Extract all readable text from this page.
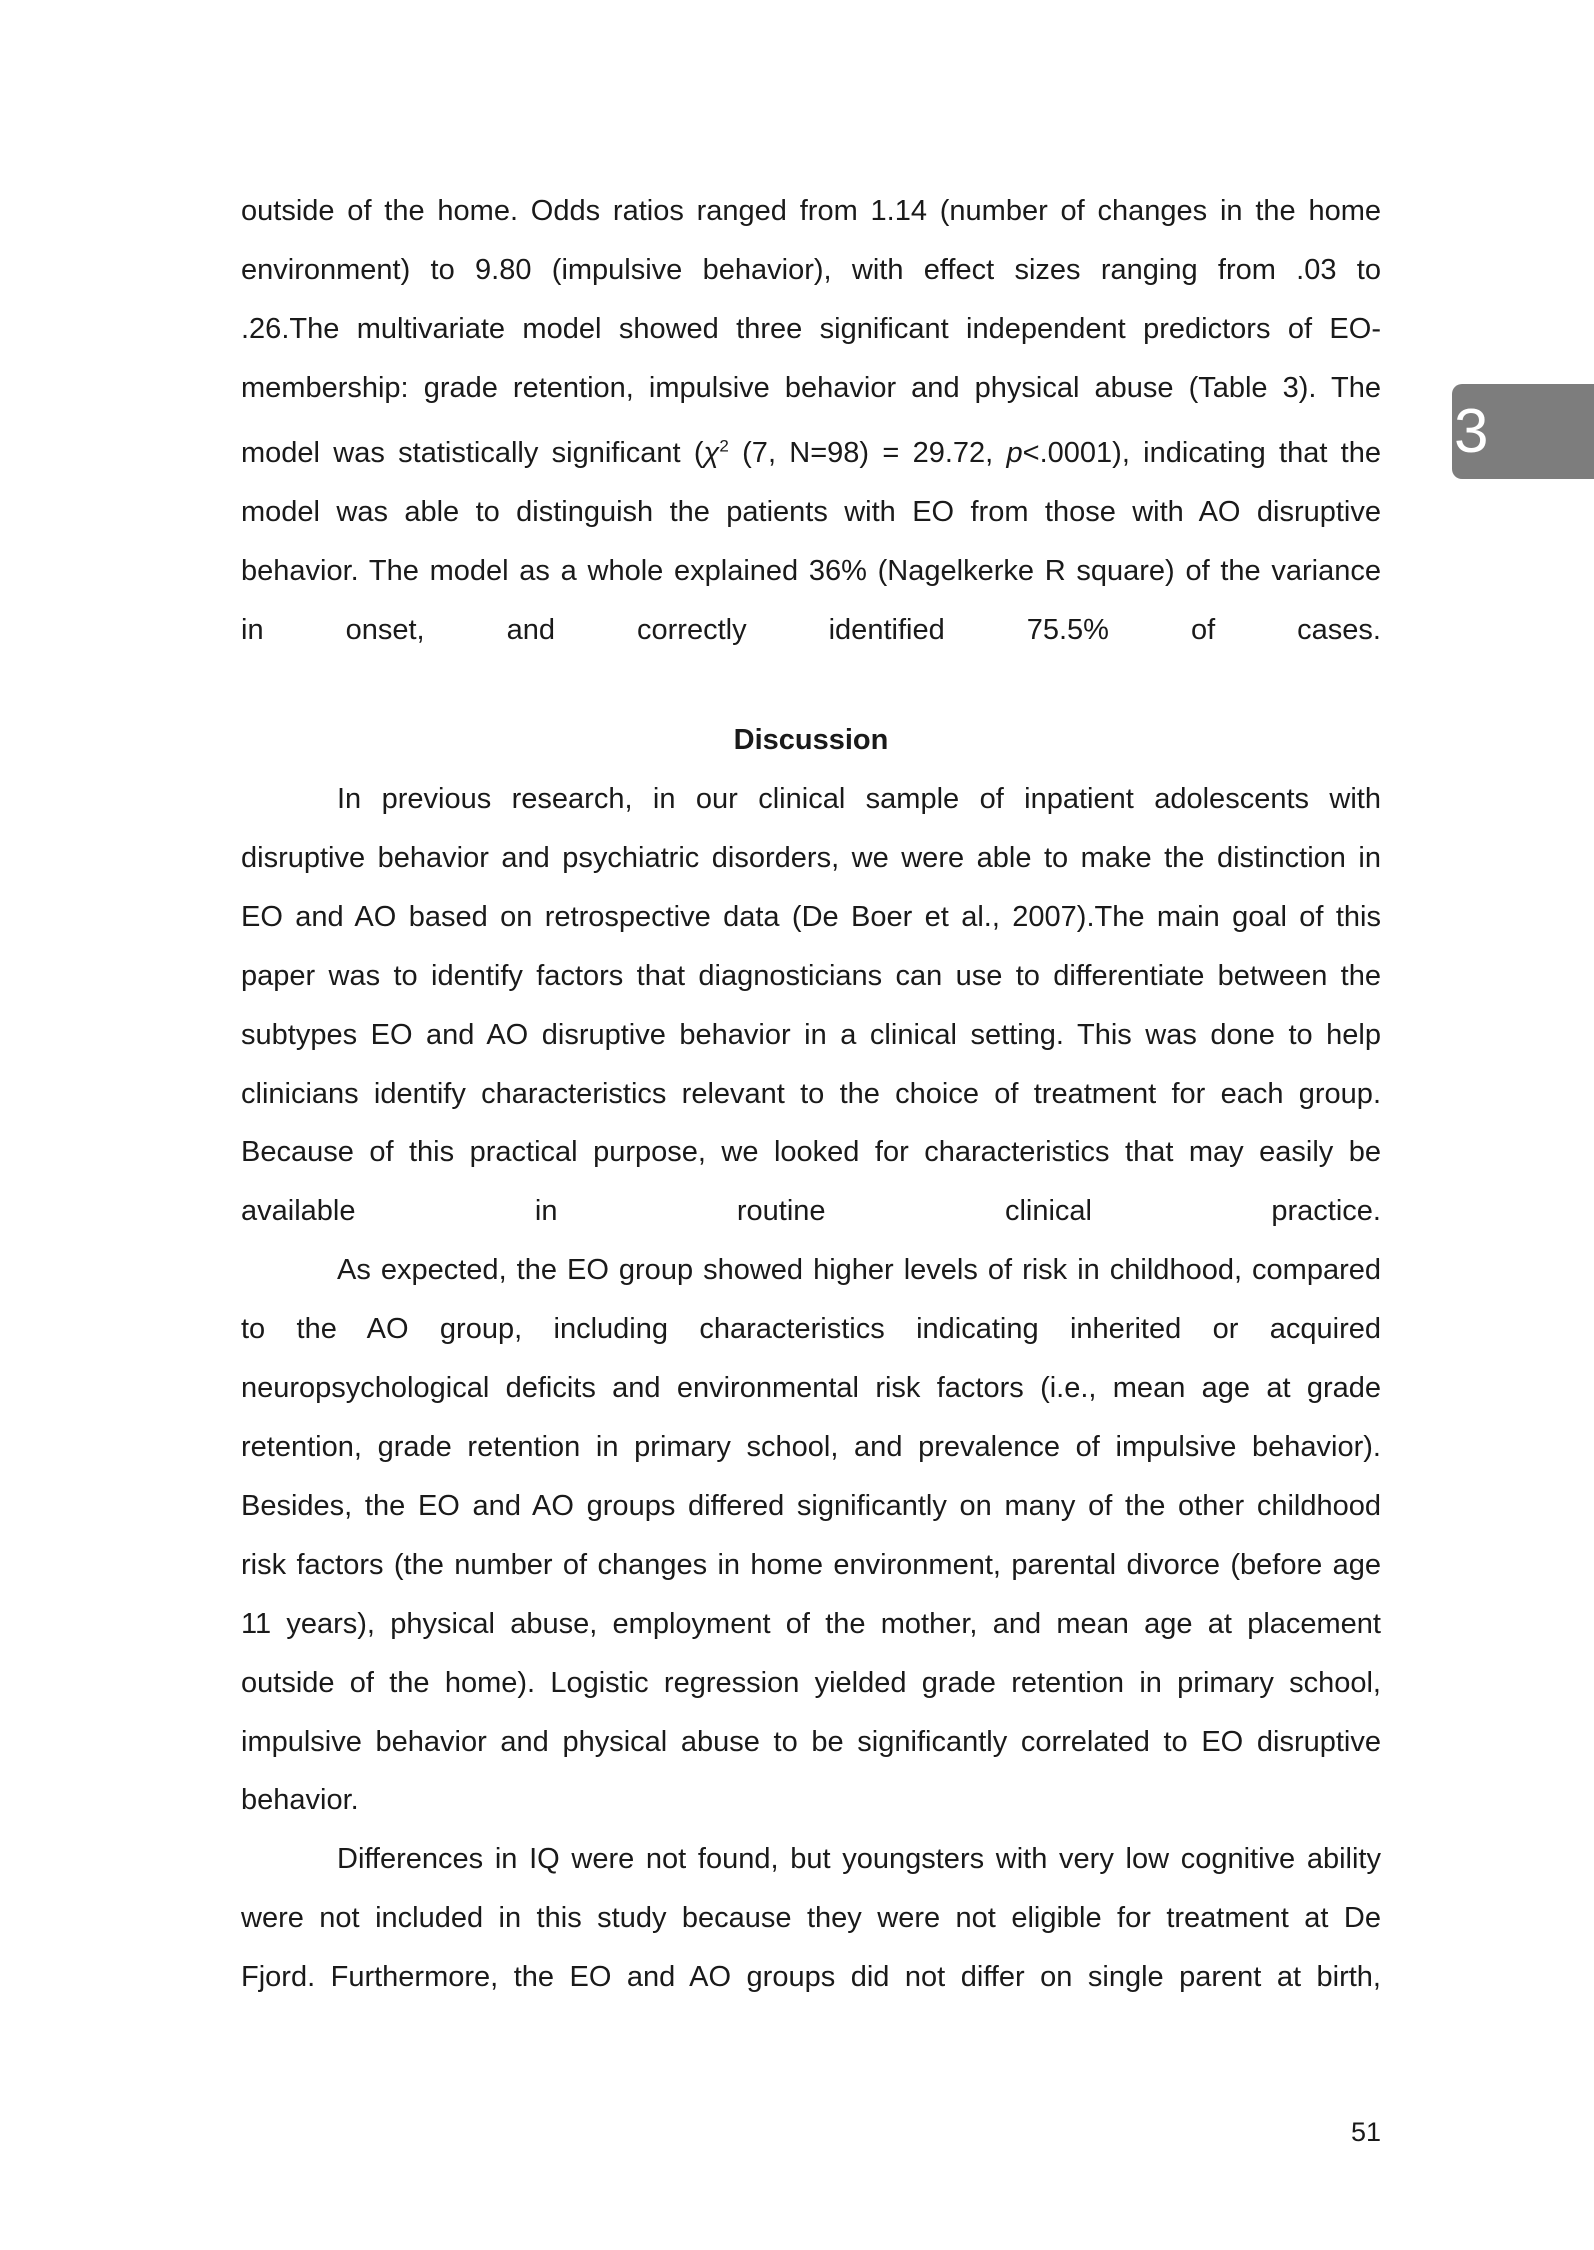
outside of the home. Odds ratios ranged from 1.14 (number of changes in the home
environment) to 9.80 (impulsive behavior), with effect sizes ranging from .03 to
.26.The multivariate model showed three significant independent predictors of EO-
membership: grade retention, impulsive behavior and physical abuse (Table 3). The
model was statistically significant ($\chi^2$ (7, N=98) = 29.72, p<.0001), indicating that the
model was able to distinguish the patients with EO from those with AO disruptive
behavior. The model as a whole explained 36% (Nagelkerke R square) of the variance
in onset, and correctly identified 75.5% of cases.

Discussion

In previous research, in our clinical sample of inpatient adolescents with
disruptive behavior and psychiatric disorders, we were able to make the distinction in
EO and AO based on retrospective data (De Boer et al., 2007).The main goal of this
paper was to identify factors that diagnosticians can use to differentiate between the
subtypes EO and AO disruptive behavior in a clinical setting. This was done to help
clinicians identify characteristics relevant to the choice of treatment for each group.
Because of this practical purpose, we looked for characteristics that may easily be
available in routine clinical practice.

As expected, the EO group showed higher levels of risk in childhood, compared
to the AO group, including characteristics indicating inherited or acquired
neuropsychological deficits and environmental risk factors (i.e., mean age at grade
retention, grade retention in primary school, and prevalence of impulsive behavior).
Besides, the EO and AO groups differed significantly on many of the other childhood
risk factors (the number of changes in home environment, parental divorce (before age
11 years), physical abuse, employment of the mother, and mean age at placement
outside of the home). Logistic regression yielded grade retention in primary school,
impulsive behavior and physical abuse to be significantly correlated to EO disruptive
behavior.

Differences in IQ were not found, but youngsters with very low cognitive ability
were not included in this study because they were not eligible for treatment at De
Fjord. Furthermore, the EO and AO groups did not differ on single parent at birth,

3
51
